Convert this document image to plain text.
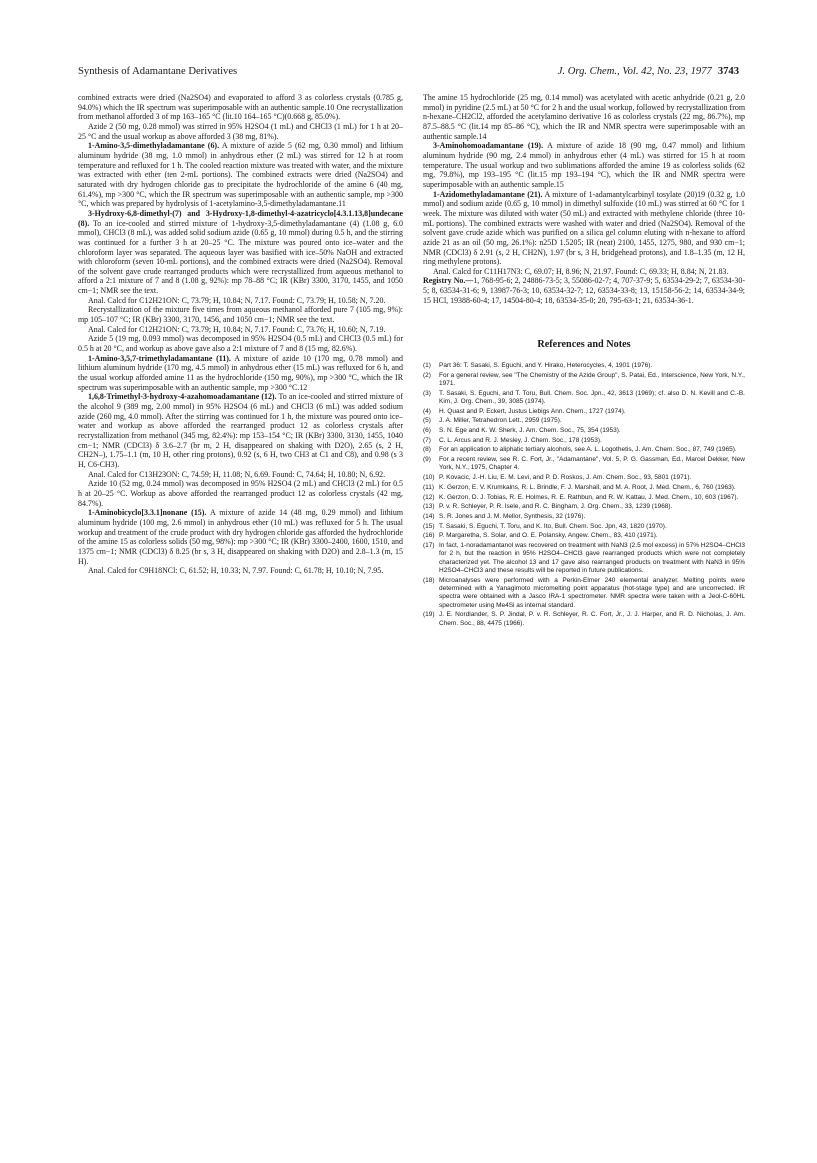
Synthesis of Adamantane Derivatives	J. Org. Chem., Vol. 42, No. 23, 1977 3743

combined extracts were dried (Na2SO4) and evaporated to afford 3 as colorless crystals (0.785 g, 94.0%) which the IR spectrum was superimposable with an authentic sample.10 One recrystallization from methanol afforded 3 of mp 163–165 °C (lit.10 164–165 °C)(0.668 g, 85.0%).

Azide 2 (50 mg, 0.28 mmol) was stirred in 95% H2SO4 (1 mL) and CHCl3 (1 mL) for 1 h at 20–25 °C and the usual workup as above afforded 3 (38 mg, 81%).

1-Amino-3,5-dimethyladamantane (6). A mixture of azide 5 (62 mg, 0.30 mmol) and lithium aluminum hydride (38 mg, 1.0 mmol) in anhydrous ether (2 mL) was stirred for 12 h at room temperature and refluxed for 1 h. The cooled reaction mixture was treated with water, and the mixture was extracted with ether (ten 2-mL portions). The combined extracts were dried (Na2SO4) and saturated with dry hydrogen chloride gas to precipitate the hydrochloride of the amine 6 (40 mg, 61.4%), mp >300 °C, which the IR spectrum was superimposable with an authentic sample, mp >300 °C, which was prepared by hydrolysis of 1-acetylamino-3,5-dimethyladamantane.11

3-Hydroxy-6,8-dimethyl-(7) and 3-Hydroxy-1,8-dimethyl-4-azatricyclo[4.3.1.13,8]undecane (8). To an ice-cooled and stirred mixture of 1-hydroxy-3,5-dimethyladamantane (4) (1.08 g, 6.0 mmol), CHCl3 (8 mL), was added solid sodium azide (0.65 g, 10 mmol) during 0.5 h, and the stirring was continued for a further 3 h at 20–25 °C. The mixture was poured onto ice–water and the chloroform layer was separated. The aqueous layer was basified with ice–50% NaOH and extracted with chloroform (seven 10-mL portions), and the combined extracts were dried (Na2SO4). Removal of the solvent gave crude rearranged products which were recrystallized from aqueous methanol to afford a 2:1 mixture of 7 and 8 (1.08 g, 92%): mp 78–88 °C; IR (KBr) 3300, 3170, 1455, and 1050 cm−1; NMR see the text.

Anal. Calcd for C12H21ON: C, 73.79; H, 10.84; N, 7.17. Found: C, 73.79; H, 10.58; N, 7.20.

Recrystallization of the mixture five times from aqueous methanol afforded pure 7 (105 mg, 9%): mp 105–107 °C; IR (KBr) 3300, 3170, 1456, and 1050 cm−1; NMR see the text.

Anal. Calcd for C12H21ON: C, 73.79; H, 10.84; N, 7.17. Found: C, 73.76; H, 10.60; N, 7.19.

Azide 5 (19 mg, 0.093 mmol) was decomposed in 95% H2SO4 (0.5 mL) and CHCl3 (0.5 mL) for 0.5 h at 20 °C, and workup as above gave also a 2:1 mixture of 7 and 8 (15 mg, 82.6%).

1-Amino-3,5,7-trimethyladamantane (11). A mixture of azide 10 (170 mg, 0.78 mmol) and lithium aluminum hydride (170 mg, 4.5 mmol) in anhydrous ether (15 mL) was refluxed for 6 h, and the usual workup afforded amine 11 as the hydrochloride (150 mg, 90%), mp >300 °C, which the IR spectrum was superimposable with an authentic sample, mp >300 °C.12

1,6,8-Trimethyl-3-hydroxy-4-azahomoadamantane (12). To an ice-cooled and stirred mixture of the alcohol 9 (389 mg, 2.00 mmol) in 95% H2SO4 (6 mL) and CHCl3 (6 mL) was added sodium azide (260 mg, 4.0 mmol). After the stirring was continued for 1 h, the mixture was poured onto ice–water and workup as above afforded the rearranged product 12 as colorless crystals after recrystallization from methanol (345 mg, 82.4%): mp 153–154 °C; IR (KBr) 3300, 3130, 1455, 1040 cm−1; NMR (CDCl3) δ 3.6–2.7 (br m, 2 H, disappeared on shaking with D2O), 2.65 (s, 2 H, CH2N–), 1.75–1.1 (m, 10 H, other ring protons), 0.92 (s, 6 H, two CH3 at C1 and C8), and 0.98 (s 3 H, C6-CH3).

Anal. Calcd for C13H23ON: C, 74.59; H, 11.08; N, 6.69. Found: C, 74.64; H, 10.80; N, 6.92.

Azide 10 (52 mg, 0.24 mmol) was decomposed in 95% H2SO4 (2 mL) and CHCl3 (2 mL) for 0.5 h at 20–25 °C. Workup as above afforded the rearranged product 12 as colorless crystals (42 mg, 84.7%).

1-Aminobicyclo[3.3.1]nonane (15). A mixture of azide 14 (48 mg, 0.29 mmol) and lithium aluminum hydride (100 mg, 2.6 mmol) in anhydrous ether (10 mL) was refluxed for 5 h. The usual workup and treatment of the crude product with dry hydrogen chloride gas afforded the hydrochloride of the amine 15 as colorless solids (50 mg, 98%): mp >300 °C; IR (KBr) 3300–2400, 1600, 1510, and 1375 cm−1; NMR (CDCl3) δ 8.25 (br s, 3 H, disappeared on shaking with D2O) and 2.8–1.3 (m, 15 H).

Anal. Calcd for C9H18NCl: C, 61.52; H, 10.33; N, 7.97. Found: C, 61.78; H, 10.10; N, 7.95.

The amine 15 hydrochloride (25 mg, 0.14 mmol) was acetylated with acetic anhydride (0.21 g, 2.0 mmol) in pyridine (2.5 mL) at 50 °C for 2 h and the usual workup, followed by recrystallization from n-hexane–CH2Cl2, afforded the acetylamino derivative 16 as colorless crystals (22 mg, 86.7%), mp 87.5–88.5 °C (lit.14 mp 85–86 °C), which the IR and NMR spectra were superimposable with an authentic sample.14

3-Aminohomoadamantane (19). A mixture of azide 18 (90 mg, 0.47 mmol) and lithium aluminum hydride (90 mg, 2.4 mmol) in anhydrous ether (4 mL) was stirred for 15 h at room temperature. The usual workup and two sublimations afforded the amine 19 as colorless solids (62 mg, 79.8%), mp 193–195 °C (lit.15 mp 193–194 °C), which the IR and NMR spectra were superimposable with an authentic sample.15

1-Azidomethyladamantane (21). A mixture of 1-adamantylcarbinyl tosylate (20)19 (0.32 g, 1.0 mmol) and sodium azide (0.65 g, 10 mmol) in dimethyl sulfoxide (10 mL) was stirred at 60 °C for 1 week. The mixture was diluted with water (50 mL) and extracted with methylene chloride (three 10-mL portions). The combined extracts were washed with water and dried (Na2SO4). Removal of the solvent gave crude azide which was purified on a silica gel column eluting with n-hexane to afford azide 21 as an oil (50 mg, 26.1%): n25D 1.5205; IR (neat) 2100, 1455, 1275, 980, and 930 cm−1; NMR (CDCl3) δ 2.91 (s, 2 H, CH2N), 1.97 (br s, 3 H, bridgehead protons), and 1.8–1.35 (m, 12 H, ring methylene protons).

Anal. Calcd for C11H17N3: C, 69.07; H, 8.96; N, 21.97. Found: C, 69.33; H, 8.84; N, 21.83.

Registry No.—1, 768-95-6; 2, 24886-73-5; 3, 55086-02-7; 4, 707-37-9; 5, 63534-29-2; 7, 63534-30-5; 8, 63534-31-6; 9, 13987-76-3; 10, 63534-32-7; 12, 63534-33-8; 13, 15158-56-2; 14, 63534-34-9; 15 HCl, 19388-60-4; 17, 14504-80-4; 18, 63534-35-0; 20, 795-63-1; 21, 63534-36-1.

References and Notes
(1)	Part 36: T. Sasaki, S. Eguchi, and Y. Hirako, Heterocycles, 4, 1901 (1976).
(2)	For a general review, see "The Chemistry of the Azide Group", S. Patai, Ed., Interscience, New York, N.Y., 1971.
(3)	T. Sasaki, S. Eguchi, and T. Toru, Bull. Chem. Soc. Jpn., 42, 3613 (1969); cf. also D. N. Kevill and C.-B. Kim, J. Org. Chem., 39, 3085 (1974).
(4)	H. Quast and P. Eckert, Justus Liebigs Ann. Chem., 1727 (1974).
(5)	J. A. Miller, Tetrahedron Lett., 2959 (1975).
(6)	S. N. Ege and K. W. Sherk, J. Am. Chem. Soc., 75, 354 (1953).
(7)	C. L. Arcus and R. J. Mesley, J. Chem. Soc., 178 (1953).
(8)	For an application to aliphatic tertiary alcohols, see A. L. Logothetis, J. Am. Chem. Soc., 87, 749 (1965).
(9)	For a recent review, see R. C. Fort, Jr., "Adamantane", Vol. 5, P. G. Gassman, Ed., Marcel Dekker, New York, N.Y., 1975, Chapter 4.
(10) P. Kovacic, J.-H. Liu, E. M. Levi, and P. D. Roskos, J. Am. Chem. Soc., 93, 5801 (1971).
(11) K. Gerzon, E. V. Krumkalns, R. L. Brindle, F. J. Marshall, and M. A. Root, J. Med. Chem., 6, 760 (1963).
(12) K. Gerzon, D. J. Tobias, R. E. Holmes, R. E. Rathbun, and R. W. Kattau, J. Med. Chem., 10, 603 (1967).
(13) P. v. R. Schleyer, P. R. Isele, and R. C. Bingham, J. Org. Chem., 33, 1239 (1968).
(14) S. R. Jones and J. M. Mellor, Synthesis, 32 (1976).
(15) T. Sasaki, S. Eguchi, T. Toru, and K. Ito, Bull. Chem. Soc. Jpn, 43, 1820 (1970).
(16) P. Margaretha, S. Solar, and O. E. Polansky, Angew. Chem., 83, 410 (1971).
(17) In fact, 1-noradamantanol was recovered on treatment with NaN3 (2.5 mol excess) in 57% H2SO4–CHCl3 for 2 h, but the reaction in 95% H2SO4–CHCl3 gave rearranged products which were not completely characterized yet. The alcohol 13 and 17 gave also rearranged products on treatment with NaN3 in 95% H2SO4–CHCl3 and these results will be reported in future publications.
(18) Microanalyses were performed with a Perkin-Elmer 240 elemental analyzer. Melting points were determined with a Yanagimoto micromelting point apparatus (hot-stage type) and are uncorrected. IR spectra were obtained with a Jasco IRA-1 spectrometer. NMR spectra were taken with a Jeol-C-60HL spectrometer using Me4Si as internal standard.
(19) J. E. Nordlander, S. P. Jindal, P. v. R. Schleyer, R. C. Fort, Jr., J. J. Harper, and R. D. Nicholas, J. Am. Chem. Soc., 88, 4475 (1966).
